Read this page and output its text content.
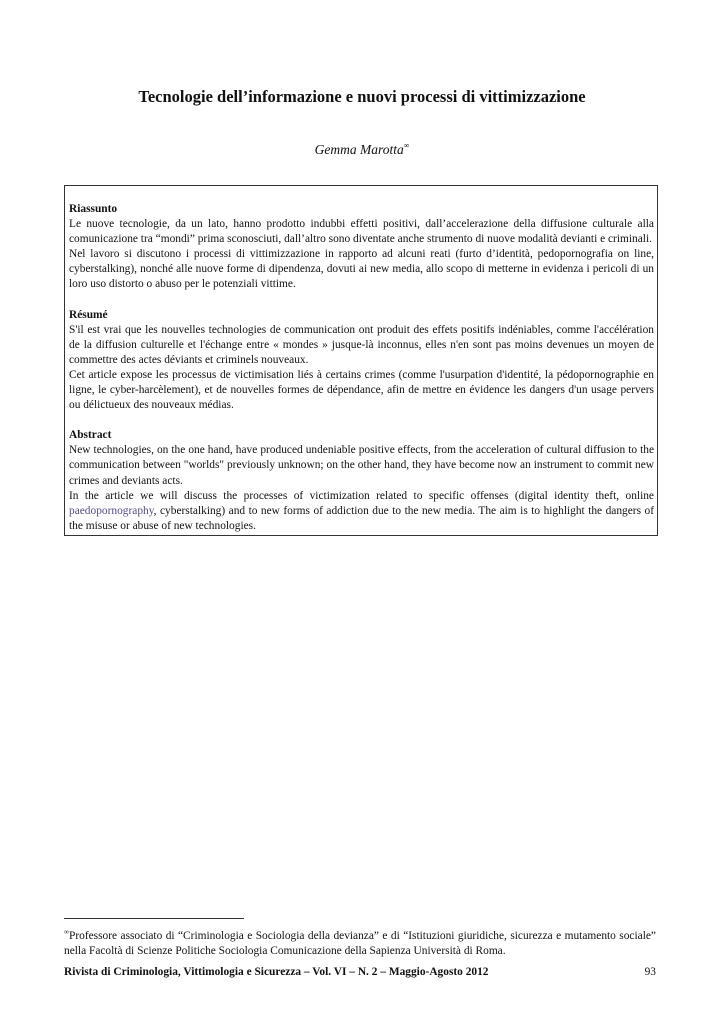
Tecnologie dell’informazione e nuovi processi di vittimizzazione
Gemma Marotta∞
Riassunto

Le nuove tecnologie, da un lato, hanno prodotto indubbi effetti positivi, dall’accelerazione della diffusione culturale alla comunicazione tra “mondi” prima sconosciuti, dall’altro sono diventate anche strumento di nuove modalità devianti e criminali.

Nel lavoro si discutono i processi di vittimizzazione in rapporto ad alcuni reati (furto d’identità, pedopornografia on line, cyberstalking), nonché alle nuove forme di dipendenza, dovuti ai new media, allo scopo di metterne in evidenza i pericoli di un loro uso distorto o abuso per le potenziali vittime.

Résumé

S'il est vrai que les nouvelles technologies de communication ont produit des effets positifs indéniables, comme l'accélération de la diffusion culturelle et l'échange entre « mondes » jusque-là inconnus, elles n'en sont pas moins devenues un moyen de commettre des actes déviants et criminels nouveaux.

Cet article expose les processus de victimisation liés à certains crimes (comme l'usurpation d'identité, la pédopornographie en ligne, le cyber-harcèlement), et de nouvelles formes de dépendance, afin de mettre en évidence les dangers d'un usage pervers ou délictueux des nouveaux médias.

Abstract

New technologies, on the one hand, have produced undeniable positive effects, from the acceleration of cultural diffusion to the communication between "worlds" previously unknown; on the other hand, they have become now an instrument to commit new crimes and deviants acts.

In the article we will discuss the processes of victimization related to specific offenses (digital identity theft, online paedopornography, cyberstalking) and to new forms of addiction due to the new media. The aim is to highlight the dangers of the misuse or abuse of new technologies.

∞Professore associato di “Criminologia e Sociologia della devianza” e di “Istituzioni giuridiche, sicurezza e mutamento sociale” nella Facoltà di Scienze Politiche Sociologia Comunicazione della Sapienza Università di Roma.
Rivista di Criminologia, Vittimologia e Sicurezza – Vol. VI – N. 2 – Maggio-Agosto 2012	93
